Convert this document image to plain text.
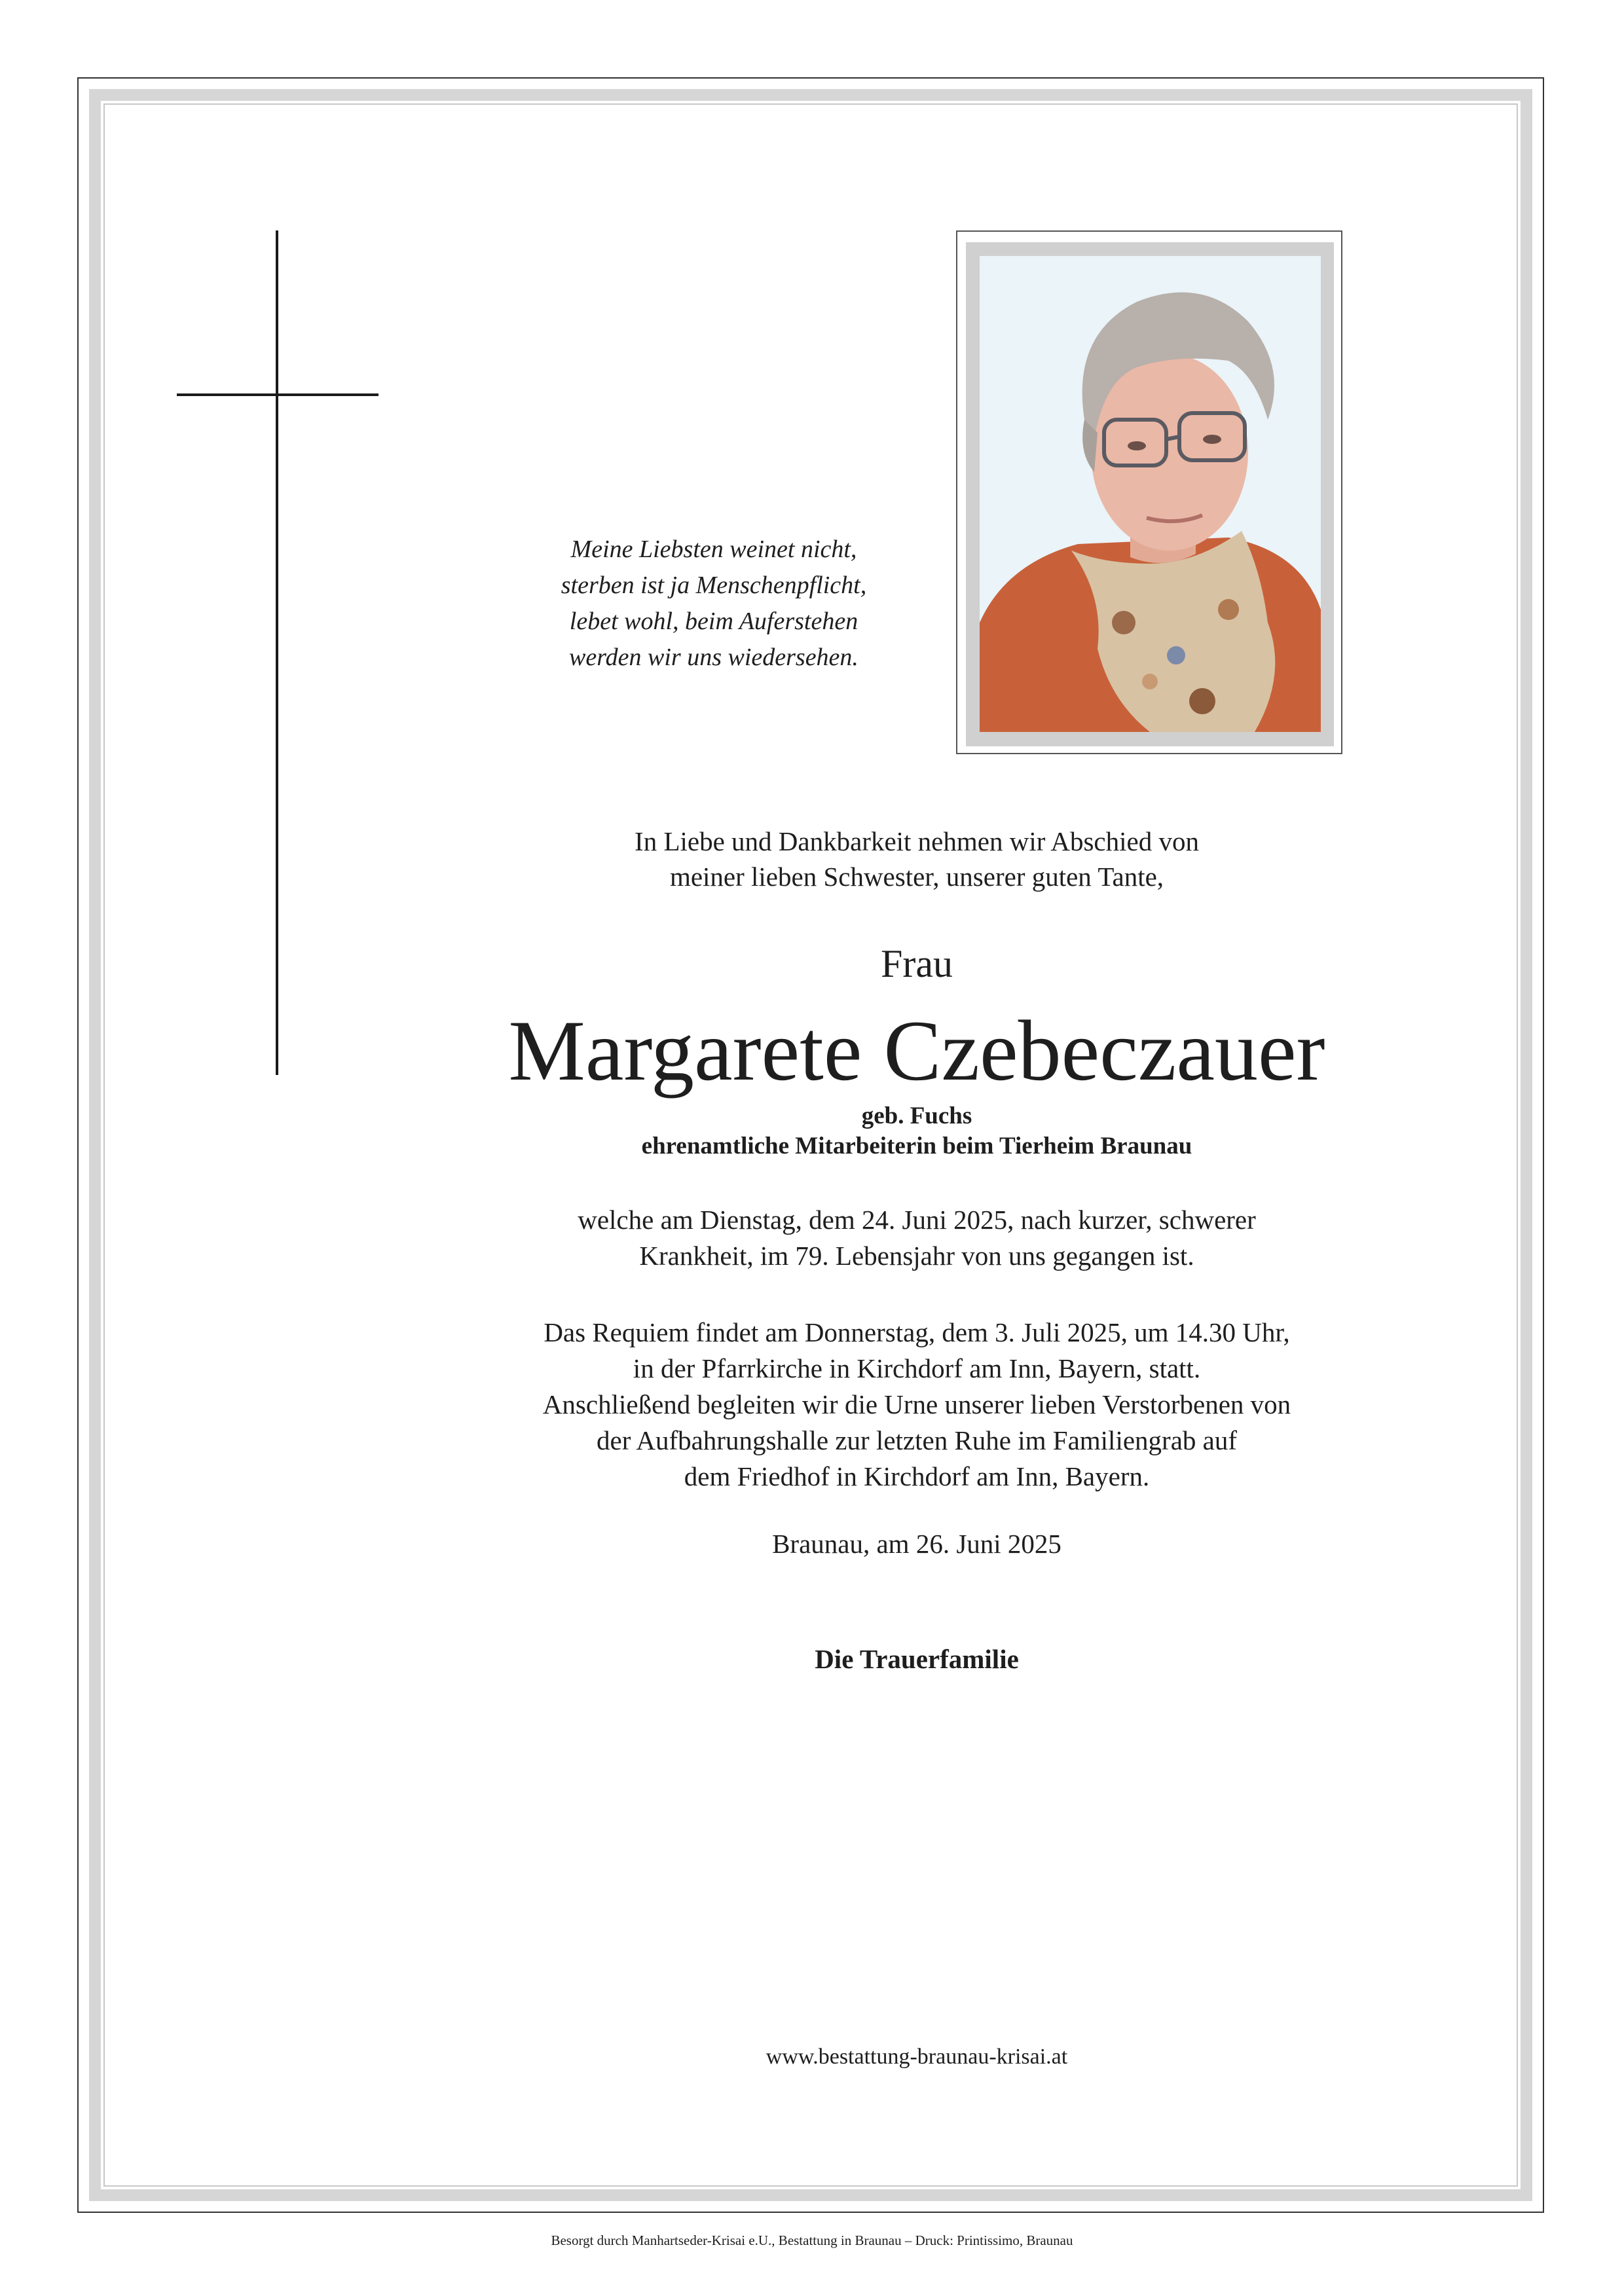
Meine Liebsten weinet nicht,
sterben ist ja Menschenpflicht,
lebet wohl, beim Auferstehen
werden wir uns wiedersehen.

In Liebe und Dankbarkeit nehmen wir Abschied von
meiner lieben Schwester, unserer guten Tante,

Frau

Margarete Czebeczauer

geb. Fuchs

ehrenamtliche Mitarbeiterin beim Tierheim Braunau

welche am Dienstag, dem 24. Juni 2025, nach kurzer, schwerer
Krankheit, im 79. Lebensjahr von uns gegangen ist.

Das Requiem findet am Donnerstag, dem 3. Juli 2025, um 14.30 Uhr,
in der Pfarrkirche in Kirchdorf am Inn, Bayern, statt.
Anschließend begleiten wir die Urne unserer lieben Verstorbenen von
der Aufbahrungshalle zur letzten Ruhe im Familiengrab auf
dem Friedhof in Kirchdorf am Inn, Bayern.

Braunau, am 26. Juni 2025

Die Trauerfamilie

www.bestattung-braunau-krisai.at

Besorgt durch Manhartseder-Krisai e.U., Bestattung in Braunau – Druck: Printissimo, Braunau
